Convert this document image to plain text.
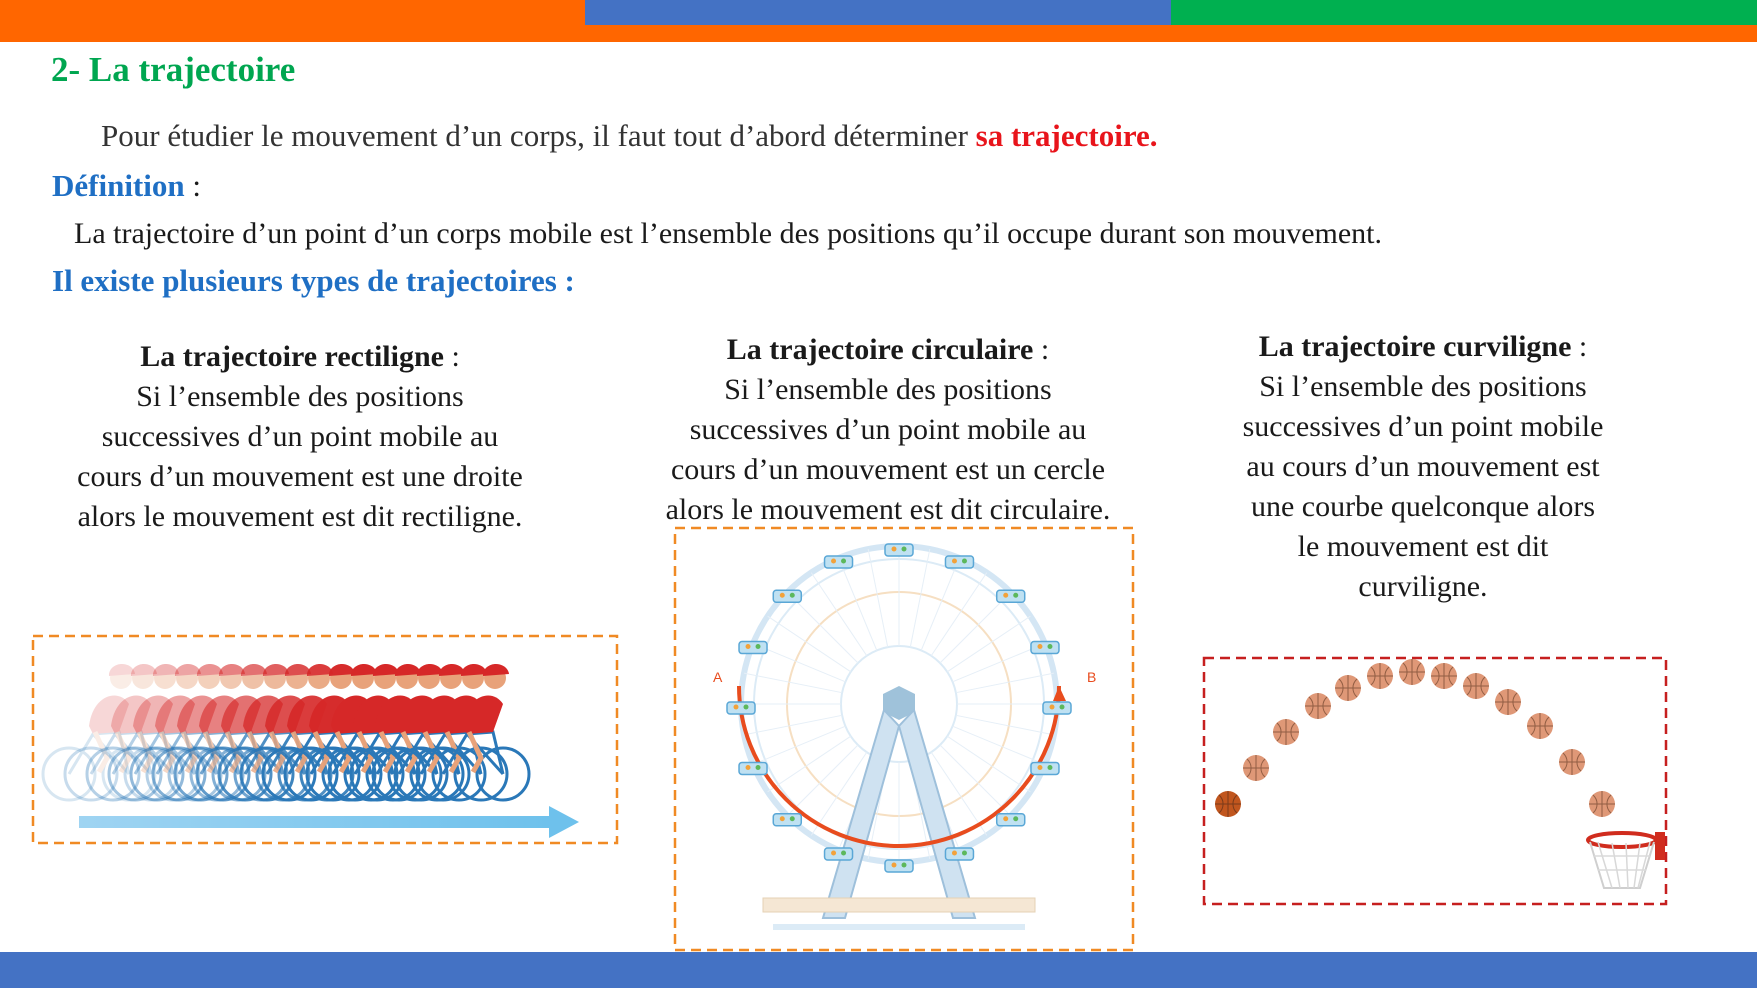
2- La trajectoire
Pour étudier le mouvement d’un corps, il faut tout d’abord déterminer sa trajectoire.
Définition :
La trajectoire d’un point d’un corps mobile est l’ensemble des positions qu’il occupe durant son mouvement.
Il existe plusieurs types de trajectoires :
La trajectoire rectiligne :
Si l’ensemble des positions
successives d’un point mobile au
cours d’un mouvement est une droite
alors le mouvement est dit rectiligne.
La trajectoire circulaire :
Si l’ensemble des positions
successives d’un point mobile au
cours d’un mouvement est un cercle
alors le mouvement est dit circulaire.
La trajectoire curviligne :
Si l’ensemble des positions
successives d’un point mobile
au cours d’un mouvement est
une courbe quelconque alors
le mouvement est dit
curviligne.
A	B
